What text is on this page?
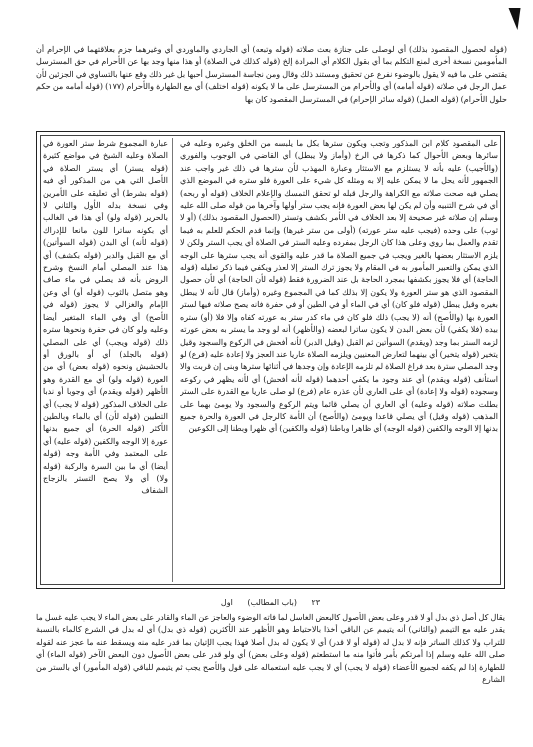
(قوله لحصول المقصود بذلك) أي لوصلى على جنازة بعث صلاته (قوله وتبعه) أي الجاردي والماوردي أي وغيرهما جزم بعلاقتهما في الإحرام أن المأمومين نسخة أخرى لمنع التكلم بما أي بقول الكلام أي المرادة إلخ (قوله كذلك في الصلاة) أو هذا منها وجد بها عن الأحرام في حق المسترسل يقتضي على ما فيه لا يقول بالوضوء نفرع عن تحقيق ومستند ذلك وقال ومن نجاسة المسترسل أحبها بل غير ذلك وقع عنها بالتساوي في الجزئين لأن عمل الرجل في صلاته (قوله أمامه) أي والأحرام من المسترسل على ما لا يكونه (قوله اختلف) أي مع الطهارة والأحرام (١٧٧) (قوله أمامه من حكم حلول الأحرام) (قوله العمل) (قوله سائر الإحرام) في المسترسل المقصود كان بها
على المقصود كلام ابن المذكور وتجب ويكون سترها بكل ما يلبسه من الخلق وغيره وعليه في سائرها وبعض الأحوال كما ذكرها في الرخ (وأماز ولا يبطل) أي القاضي في الوجوب والفوري (والأجيب) عليه بأنه لا يستلزم مع الاستثار وعبارة المهذب لأن سترها في ذلك غير واجب عند الجمهور لأنه يحل ما لا يمكن عليه إلا به ومثله كل شيء على العورة فلو ستره في الموضع الذي يصلي فيه صحت صلاته مع الكراهة والرجل قبله لو تحقق التمسك والإعلام الخلاف (قوله أو ربحه) أي في شرح التنبيه وأن لم يكن لها بعض العورة فإنه يجب ستر أولها وآخرها من قوله صلى الله عليه وسلم إن صلاته غير صحيحة إلا بعد الخلاف في الأمر بكشف وتستر (الحصول المقصود بذلك) (أو لا ثوب) على وحده (فيجب عليه ستر عورته) (أولى من ستر غيرها) وإنما قدم الحكم للعلم به فيما تقدم والعمل بما روي وعلى هذا كان الرجل بمفرده وعليه الستر في الصلاة أي يجب الستر ولكن لا يلزم الاستثار بعضها بالغير ويجب في جميع الصلاة ما قدر عليه والقوي أنه يجب سترها على الوجه الذي يمكن والتعبير المأمور به في المقام ولا يجوز ترك الستر إلا لعذر ويكفي فيما ذكر تعليله (قوله الحاجة) أي فلا يجوز بكشفها بمجرد الحاجة بل عند الضرورة فقط (قوله لأن الحاجة) أي لأن حصول المقصود الذي هو ستر العورة ولا يكون إلا بذلك كما في المجموع وغيره (وأماز) قال لأنه لا يبطل بغيره وقيل يبطل (قوله فلو كان) أي في الماء أو في الطين أو في حفرة فانه يصح صلاته فيها لستر العورة بها (والأصح) أنه (لا يجب) ذلك فلو كان في ماء كدر ستر به عورته كفاه وإلا فلا (أو) ستره بيده (فلا يكفي) لأن بعض البدن لا يكون ساترا لبعضه (والأظهر) أنه لو وجد ما يستر به بعض عورته لزمه الستر بما وجد (ويقدم) السوأتين ثم القبل (وقيل الدبر) لأنه أفحش في الركوع والسجود وقيل يتخير (قوله يتخير) أي بينهما لتعارض المعنيين ويلزمه الصلاة عاريا عند العجز ولا إعادة عليه (فرع) لو وجد المصلي سترة بعد فراغ الصلاة لم تلزمه الإعادة وإن وجدها في أثنائها سترها وبنى إن قربت والا استأنف (قوله ويقدم) أي عند وجود ما يكفي أحدهما (قوله لأنه أفحش) أي لأنه يظهر في ركوعه وسجوده (قوله ولا إعادة) أي على العاري لأن عذره عام (فرع) لو صلى عاريا مع القدرة على الستر بطلت صلاته (قوله وعليه) أي العاري أن يصلي قائما ويتم الركوع والسجود ولا يومئ بهما على المذهب (قوله وقيل) أي يصلي قاعدا ويومئ (والأصح) أن الأمة كالرجل في العورة والحرة جميع بدنها إلا الوجه والكفين (قوله الوجه) أي ظاهرا وباطنا (قوله والكفين) أي ظهرا وبطنا إلى الكوعين
عبارة المجموع شرط ستر العورة في الصلاة وعليه الشيخ في مواضع كثيرة (قوله يستر) أي يستر الصلاة في الأصل التي هي من المذكور أي فيه (قوله بشرط) أي تعليقه على الأمرين وفي نسخة بدله الأول والثاني لا بالحرير (قوله ولو) أي هذا في الغالب أي بكونه ساترا للون مانعا للإدراك (قوله لأنه) أي البدن (قوله السوأتين) أي مع القبل والدبر (قوله بكشف) أي هذا عند المصلي أمام النسخ وشرح الروض بأنه قد يصلي في ماء صاف وهو متصل بالثوب (قوله أو) أي وعن الإمام والغزالي لا يجوز (قوله في الأصح) أي وفي الماء المتغير أيضا وعليه ولو كان في حفرة ونحوها ستره ذلك (قوله ويجب) أي على المصلي (قوله بالجلد) أي أو بالورق أو بالحشيش ونحوه (قوله بعض) أي من العورة (قوله ولو) أي مع القدرة وهو الأظهر (قوله ويقدم) أي وجوبا أو ندبا على الخلاف المذكور (قوله لا يجب) أي التطيين (قوله لأن) أي بالماء وبالطين الأكثر (قوله الحرة) أي جميع بدنها عورة إلا الوجه والكفين (قوله عليه) أي على المعتمد وفي الأمة وجه (قوله أيضا) أي ما بين السرة والركبة (قوله ولا) أي ولا يصح التستر بالزجاج الشفاف
٢٣ (باب المطالب) اول
يقال كل أصل ذي بدل أو لا قدر وعلى بعض الأصول كالبعض الغاسل لما فاته الوضوء والعاجز عن الماء والقادر على بعض الماء لا يجب عليه غسل ما يقدر عليه مع التيمم (والثاني) أنه يتيمم عن الباقي أخذا بالاحتياط وهو الأظهر عند الأكثرين (قوله ذي بدل) أي له بدل في الشرع كالماء بالنسبة للتراب ولا كذلك الساتر فإنه لا بدل له (قوله أو لا قدر) أي لا يكون له بدل أصلا فهذا يجب الإتيان بما قدر عليه منه ويسقط عنه ما عجز عنه لقوله صلى الله عليه وسلم إذا أمرتكم بأمر فأتوا منه ما استطعتم (قوله وعلى بعض) أي ولو قدر على بعض الأصول دون البعض الآخر (قوله الماء) أي للطهارة إذا لم يكفه لجميع الأعضاء (قوله لا يجب) أي لا يجب عليه استعماله على قول والأصح يجب ثم يتيمم للباقي (قوله المأمور) أي بالستر من الشارع
